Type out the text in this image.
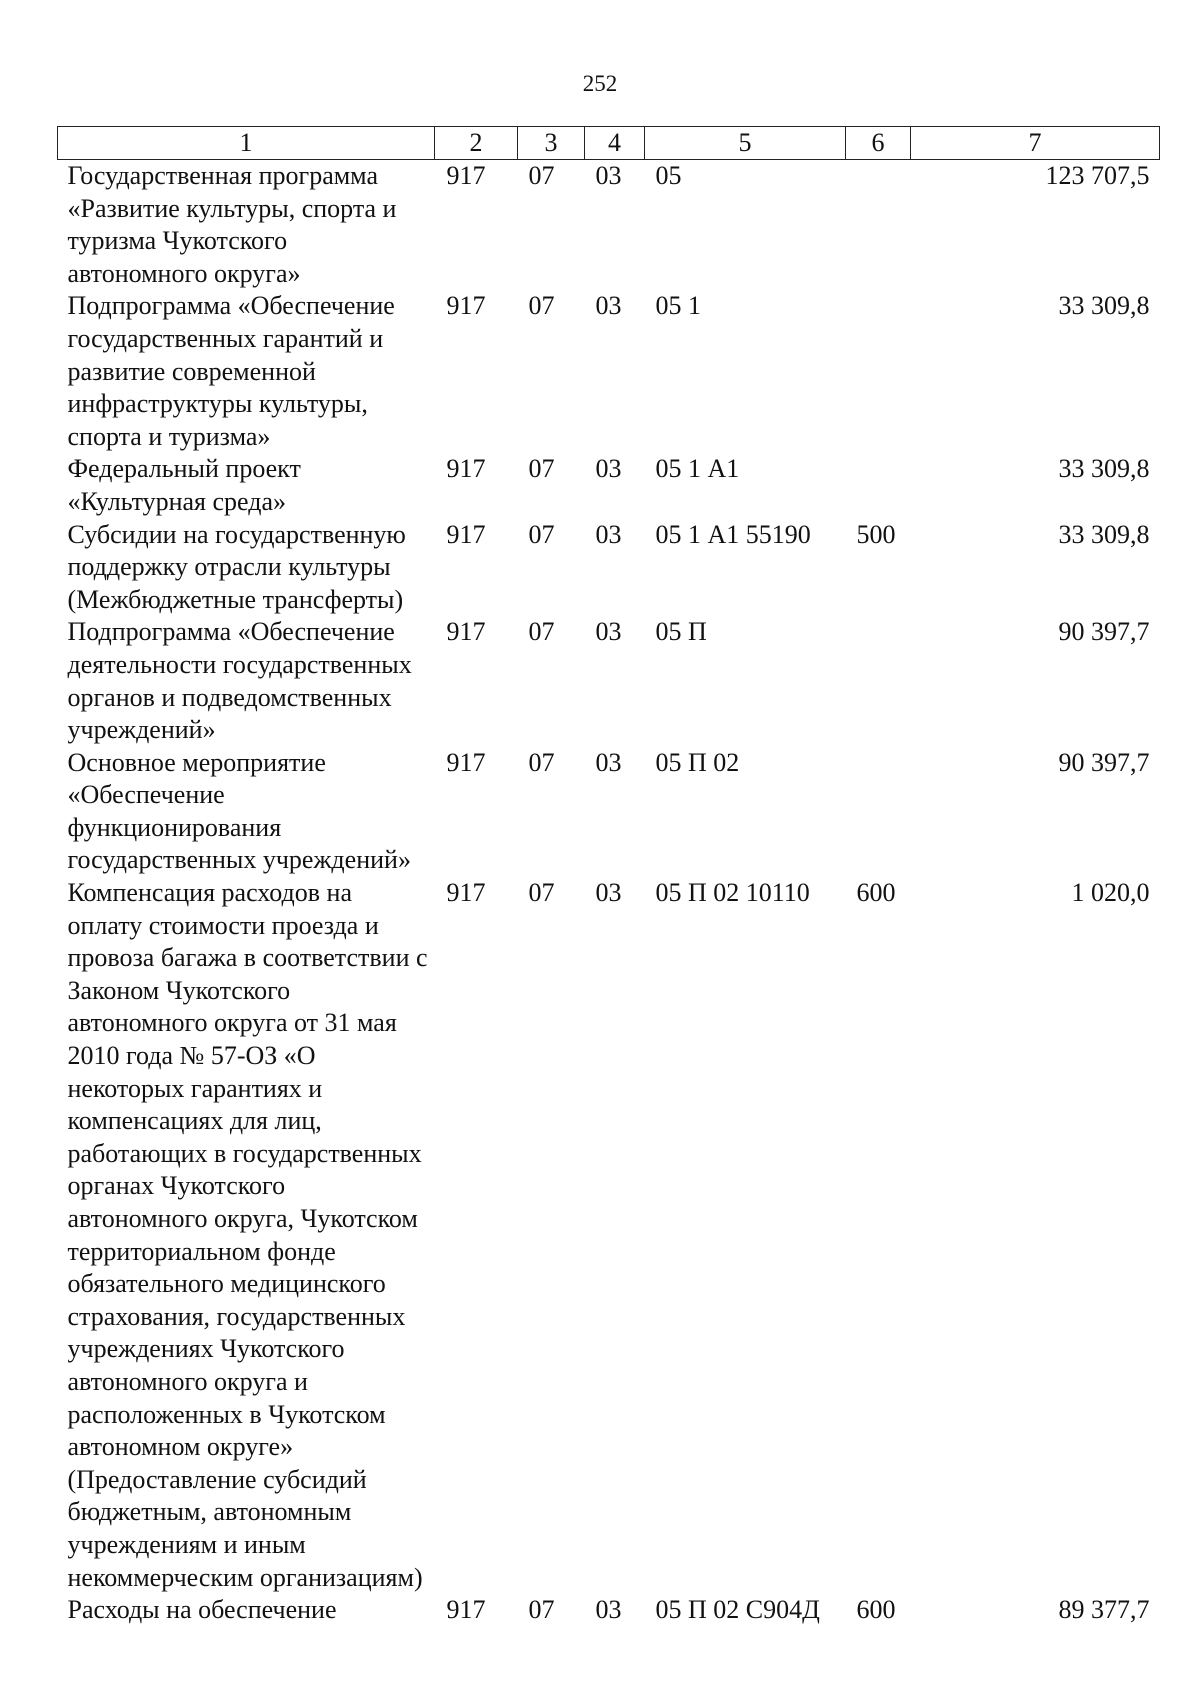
252
1	2	3	4	5	6	7
Государственная программа «Развитие культуры, спорта и туризма Чукотского автономного округа»	917	07	03	05		123 707,5
Подпрограмма «Обеспечение государственных гарантий и развитие современной инфраструктуры культуры, спорта и туризма»	917	07	03	05 1		33 309,8
Федеральный проект «Культурная среда»	917	07	03	05 1 А1		33 309,8
Субсидии на государственную поддержку отрасли культуры (Межбюджетные трансферты)	917	07	03	05 1 А1 55190	500	33 309,8
Подпрограмма «Обеспечение деятельности государственных органов и подведомственных учреждений»	917	07	03	05 П		90 397,7
Основное мероприятие «Обеспечение функционирования государственных учреждений»	917	07	03	05 П 02		90 397,7
Компенсация расходов на оплату стоимости проезда и провоза багажа в соответствии с Законом Чукотского автономного округа от 31 мая 2010 года № 57-ОЗ «О некоторых гарантиях и компенсациях для лиц, работающих в государственных органах Чукотского автономного округа, Чукотском территориальном фонде обязательного медицинского страхования, государственных учреждениях Чукотского автономного округа и расположенных в Чукотском автономном округе» (Предоставление субсидий бюджетным, автономным учреждениям и иным некоммерческим организациям)	917	07	03	05 П 02 10110	600	1 020,0
Расходы на обеспечение	917	07	03	05 П 02 С904Д	600	89 377,7
